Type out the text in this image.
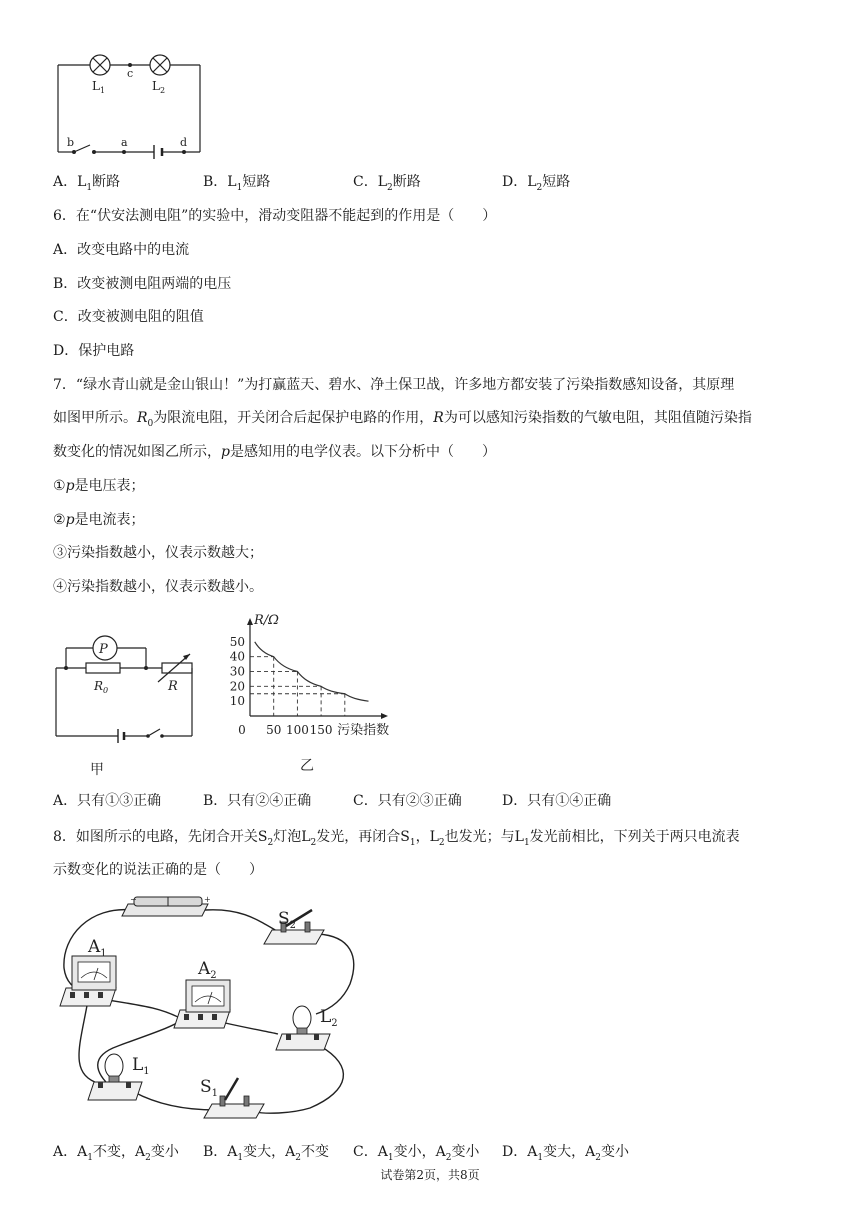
$L_1$	$L_2$
c
b	a	d
A．$L_1$断路	B．$L_1$短路	C．$L_2$断路	D．$L_2$短路
6．在“伏安法测电阻”的实验中，滑动变阻器不能起到的作用是（　　）
A．改变电路中的电流
B．改变被测电阻两端的电压
C．改变被测电阻的阻值
D．保护电路
7．“绿水青山就是金山银山！”为打赢蓝天、碧水、净土保卫战，许多地方都安装了污染指数感知设备，其原理
如图甲所示。$R_0$为限流电阻，开关闭合后起保护电路的作用，R为可以感知污染指数的气敏电阻，其阻值随污染指
数变化的情况如图乙所示，p是感知用的电学仪表。以下分析中（　　）
①p是电压表；
②p是电流表；
③污染指数越小，仪表示数越大；
④污染指数越小，仪表示数越小。
P
$R_0$	R
甲
10
20
30
40
50
0 50 100 150
R/Ω
污染指数
乙
A．只有①③正确	B．只有②④正确	C．只有②③正确	D．只有①④正确
8．如图所示的电路，先闭合开关$S_2$灯泡$L_2$发光，再闭合$S_1$，$L_2$也发光；与$L_1$发光前相比，下列关于两只电流表
示数变化的说法正确的是（　　）
−	+
$A_1$
$A_2$
$S_2$
$L_2$
$L_1$
$S_1$
A．$A_1$不变，$A_2$变小 B．$A_1$变大，$A_2$不变 C．$A_1$变小，$A_2$变小 D．$A_1$变大，$A_2$变小
试卷第2页，共8页
